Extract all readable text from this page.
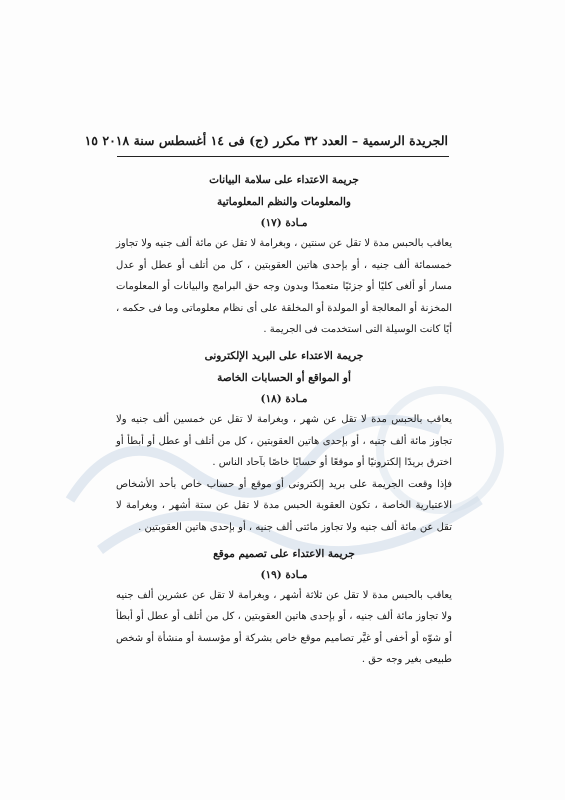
الجريدة الرسمية – العدد ٣٢ مكرر (ج) فى ١٤ أغسطس سنة ٢٠١٨ ١٥

جريمة الاعتداء على سلامة البيانات

والمعلومات والنظم المعلوماتية

مـادة (١٧)

يعاقب بالحبس مدة لا تقل عن سنتين ، وبغرامة لا تقل عن مائة ألف جنيه ولا تجاوز خمسمائة ألف جنيه ، أو بإحدى هاتين العقوبتين ، كل من أتلف أو عطل أو عدل مسار أو ألغى كليًا أو جزئيًا متعمدًا وبدون وجه حق البرامج والبيانات أو المعلومات المخزنة أو المعالجة أو المولدة أو المخلقة على أى نظام معلوماتى وما فى حكمه ، أيًا كانت الوسيلة التى استخدمت فى الجريمة .

جريمة الاعتداء على البريد الإلكترونى

أو المواقع أو الحسابات الخاصة

مـادة (١٨)

يعاقب بالحبس مدة لا تقل عن شهر ، وبغرامة لا تقل عن خمسين ألف جنيه ولا تجاوز مائة ألف جنيه ، أو بإحدى هاتين العقوبتين ، كل من أتلف أو عطل أو أبطأ أو اخترق بريدًا إلكترونيًا أو موقعًا أو حسابًا خاصًا بآحاد الناس .

فإذا وقعت الجريمة على بريد إلكترونى أو موقع أو حساب خاص بأحد الأشخاص الاعتبارية الخاصة ، تكون العقوبة الحبس مدة لا تقل عن ستة أشهر ، وبغرامة لا تقل عن مائة ألف جنيه ولا تجاوز مائتى ألف جنيه ، أو بإحدى هاتين العقوبتين .

جريمة الاعتداء على تصميم موقع

مـادة (١٩)

يعاقب بالحبس مدة لا تقل عن ثلاثة أشهر ، وبغرامة لا تقل عن عشرين ألف جنيه ولا تجاوز مائة ألف جنيه ، أو بإحدى هاتين العقوبتين ، كل من أتلف أو عطل أو أبطأ أو شوّه أو أخفى أو غيَّر تصاميم موقع خاص بشركة أو مؤسسة أو منشأة أو شخص طبيعى بغير وجه حق .
